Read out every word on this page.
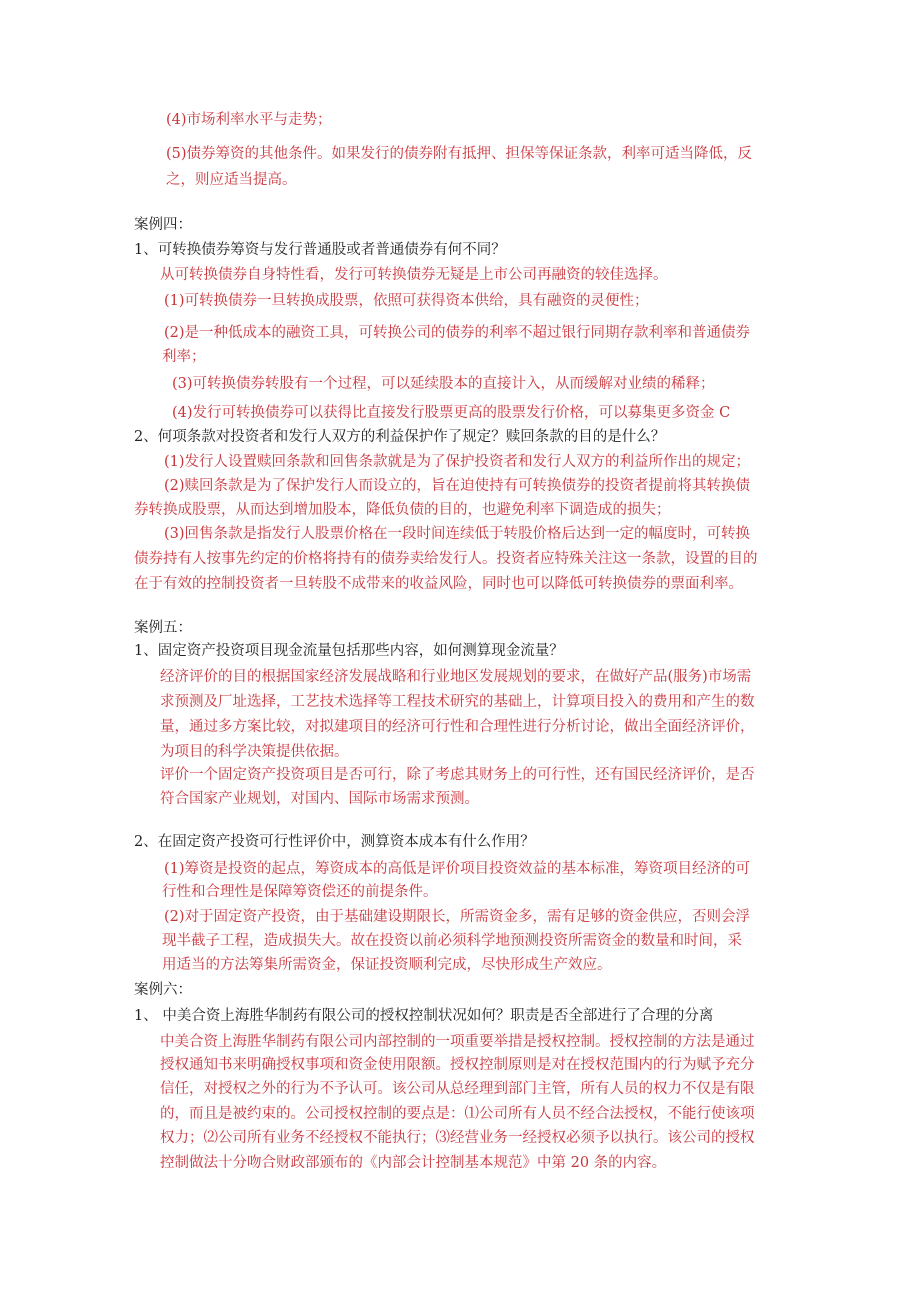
(4)市场利率水平与走势；
(5)债券筹资的其他条件。如果发行的债券附有抵押、担保等保证条款，利率可适当降低，反
之，则应适当提高。
案例四：
1、可转换债券筹资与发行普通股或者普通债券有何不同？
从可转换债券自身特性看，发行可转换债券无疑是上市公司再融资的较佳选择。
(1)可转换债券一旦转换成股票，依照可获得资本供给，具有融资的灵便性；
(2)是一种低成本的融资工具，可转换公司的债券的利率不超过银行同期存款利率和普通债券
利率；
(3)可转换债券转股有一个过程，可以延续股本的直接计入，从而缓解对业绩的稀释；
(4)发行可转换债券可以获得比直接发行股票更高的股票发行价格，可以募集更多资金 C
2、何项条款对投资者和发行人双方的利益保护作了规定？赎回条款的目的是什么？
(1)发行人设置赎回条款和回售条款就是为了保护投资者和发行人双方的利益所作出的规定；
(2)赎回条款是为了保护发行人而设立的，旨在迫使持有可转换债券的投资者提前将其转换债
券转换成股票，从而达到增加股本，降低负债的目的，也避免利率下调造成的损失；
(3)回售条款是指发行人股票价格在一段时间连续低于转股价格后达到一定的幅度时，可转换
债券持有人按事先约定的价格将持有的债券卖给发行人。投资者应特殊关注这一条款，设置的目的
在于有效的控制投资者一旦转股不成带来的收益风险，同时也可以降低可转换债券的票面利率。
案例五：
1、固定资产投资项目现金流量包括那些内容，如何测算现金流量？
经济评价的目的根据国家经济发展战略和行业地区发展规划的要求，在做好产品(服务)市场需
求预测及厂址选择，工艺技术选择等工程技术研究的基础上，计算项目投入的费用和产生的数
量，通过多方案比较，对拟建项目的经济可行性和合理性进行分析讨论，做出全面经济评价，
为项目的科学决策提供依据。
评价一个固定资产投资项目是否可行，除了考虑其财务上的可行性，还有国民经济评价，是否
符合国家产业规划，对国内、国际市场需求预测。
2、在固定资产投资可行性评价中，测算资本成本有什么作用？
(1)筹资是投资的起点，筹资成本的高低是评价项目投资效益的基本标准，筹资项目经济的可
行性和合理性是保障筹资偿还的前提条件。
(2)对于固定资产投资，由于基础建设期限长，所需资金多，需有足够的资金供应，否则会浮
现半截子工程，造成损失大。故在投资以前必须科学地预测投资所需资金的数量和时间，采
用适当的方法筹集所需资金，保证投资顺利完成，尽快形成生产效应。
案例六：
1、 中美合资上海胜华制药有限公司的授权控制状况如何？职责是否全部进行了合理的分离
中美合资上海胜华制药有限公司内部控制的一项重要举措是授权控制。授权控制的方法是通过
授权通知书来明确授权事项和资金使用限额。授权控制原则是对在授权范围内的行为赋予充分
信任，对授权之外的行为不予认可。该公司从总经理到部门主管，所有人员的权力不仅是有限
的，而且是被约束的。公司授权控制的要点是：⑴公司所有人员不经合法授权，不能行使该项
权力；⑵公司所有业务不经授权不能执行；⑶经营业务一经授权必须予以执行。该公司的授权
控制做法十分吻合财政部颁布的《内部会计控制基本规范》中第 20 条的内容。
